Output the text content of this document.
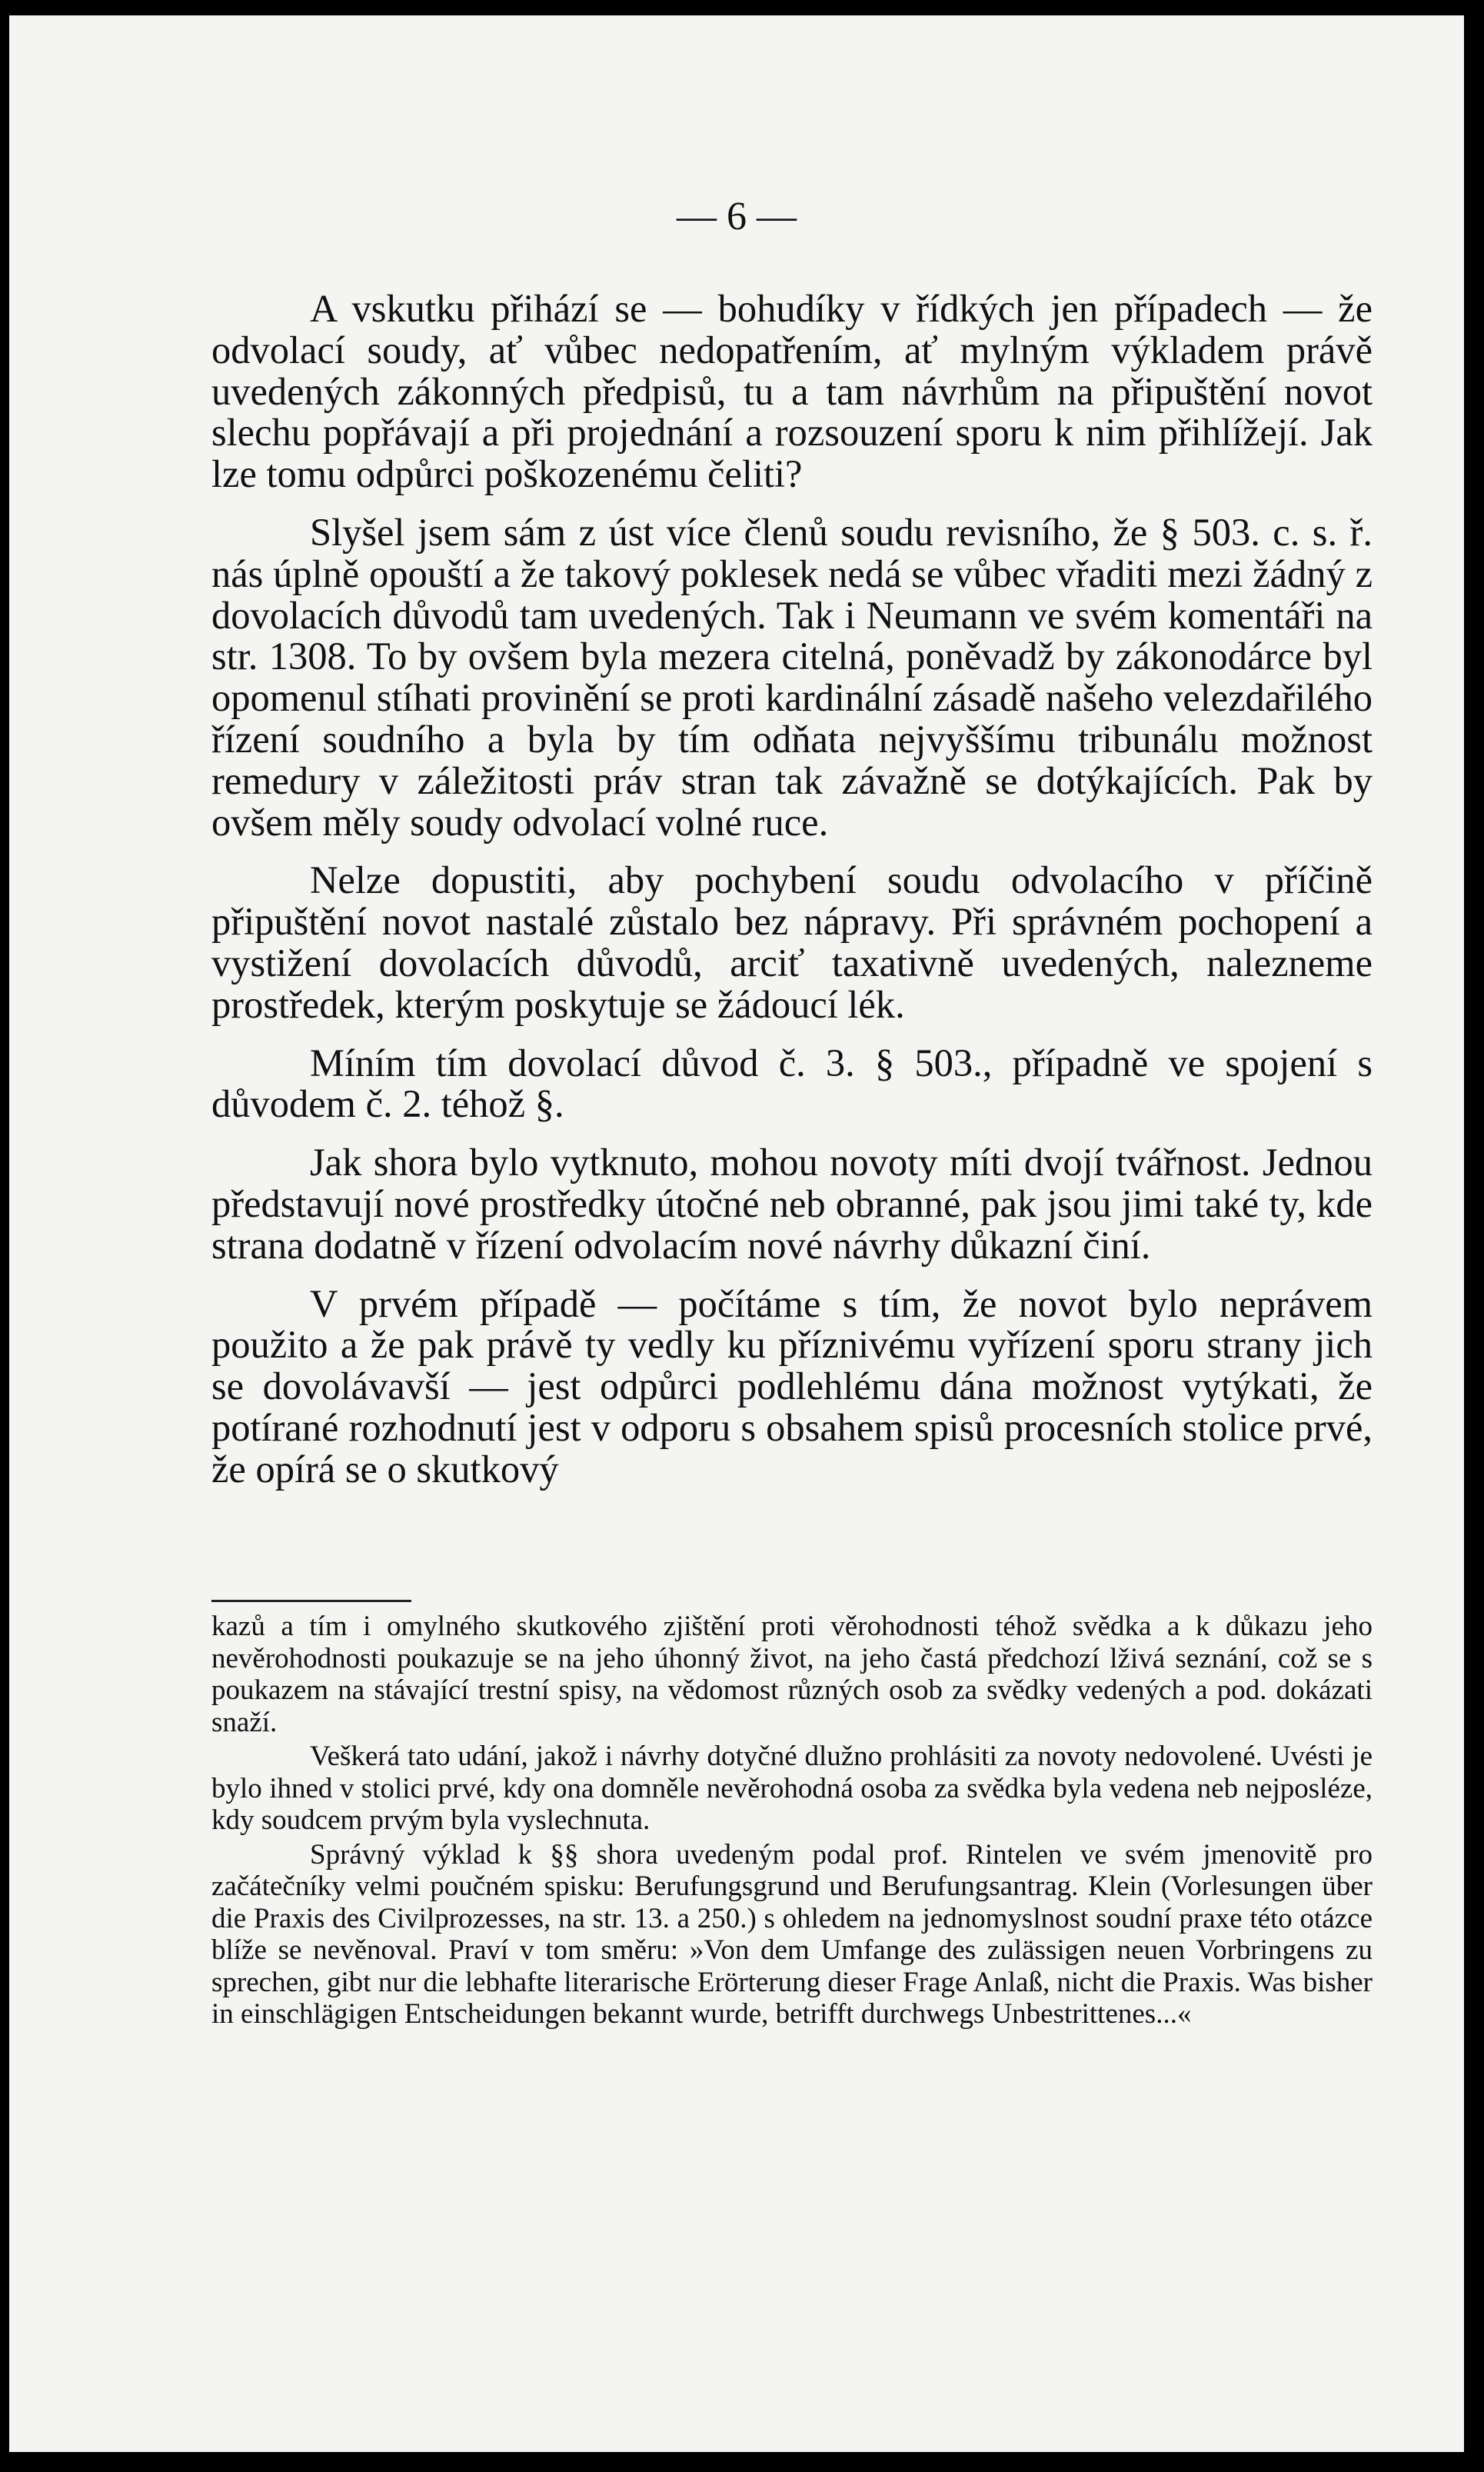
— 6 —

A vskutku přihází se — bohudíky v řídkých jen případech — že odvolací soudy, ať vůbec nedopatřením, ať mylným výkladem právě uvedených zákonných předpisů, tu a tam návrhům na připuštění novot slechu popřávají a při projednání a rozsouzení sporu k nim přihlížejí. Jak lze tomu odpůrci poškozenému čeliti?

Slyšel jsem sám z úst více členů soudu revisního, že § 503. c. s. ř. nás úplně opouští a že takový poklesek nedá se vůbec vřaditi mezi žádný z dovolacích důvodů tam uvedených. Tak i Neumann ve svém komentáři na str. 1308. To by ovšem byla mezera citelná, poněvadž by zákonodárce byl opomenul stíhati provinění se proti kardinální zásadě našeho velezdařilého řízení soudního a byla by tím odňata nejvyššímu tribunálu možnost remedury v záležitosti práv stran tak závažně se dotýkajících. Pak by ovšem měly soudy odvolací volné ruce.

Nelze dopustiti, aby pochybení soudu odvolacího v příčině připuštění novot nastalé zůstalo bez nápravy. Při správném pochopení a vystižení dovolacích důvodů, arciť taxativně uvedených, nalezneme prostředek, kterým poskytuje se žádoucí lék.

Míním tím dovolací důvod č. 3. § 503., případně ve spojení s důvodem č. 2. téhož §.

Jak shora bylo vytknuto, mohou novoty míti dvojí tvářnost. Jednou představují nové prostředky útočné neb obranné, pak jsou jimi také ty, kde strana dodatně v řízení odvolacím nové návrhy důkazní činí.

V prvém případě — počítáme s tím, že novot bylo neprávem použito a že pak právě ty vedly ku příznivému vyřízení sporu strany jich se dovolávavší — jest odpůrci podlehlému dána možnost vytýkati, že potírané rozhodnutí jest v odporu s obsahem spisů procesních stolice prvé, že opírá se o skutkový

kazů a tím i omylného skutkového zjištění proti věrohodnosti téhož svědka a k důkazu jeho nevěrohodnosti poukazuje se na jeho úhonný život, na jeho častá předchozí lživá seznání, což se s poukazem na stávající trestní spisy, na vědomost různých osob za svědky vedených a pod. dokázati snaží.

Veškerá tato udání, jakož i návrhy dotyčné dlužno prohlásiti za novoty nedovolené. Uvésti je bylo ihned v stolici prvé, kdy ona domněle nevěrohodná osoba za svědka byla vedena neb nejposléze, kdy soudcem prvým byla vyslechnuta.

Správný výklad k §§ shora uvedeným podal prof. Rintelen ve svém jmenovitě pro začátečníky velmi poučném spisku: Berufungsgrund und Berufungsantrag. Klein (Vorlesungen über die Praxis des Civilprozesses, na str. 13. a 250.) s ohledem na jednomyslnost soudní praxe této otázce blíže se nevěnoval. Praví v tom směru: »Von dem Umfange des zulässigen neuen Vorbringens zu sprechen, gibt nur die lebhafte literarische Erörterung dieser Frage Anlaß, nicht die Praxis. Was bisher in einschlägigen Entscheidungen bekannt wurde, betrifft durchwegs Unbestrittenes...«
